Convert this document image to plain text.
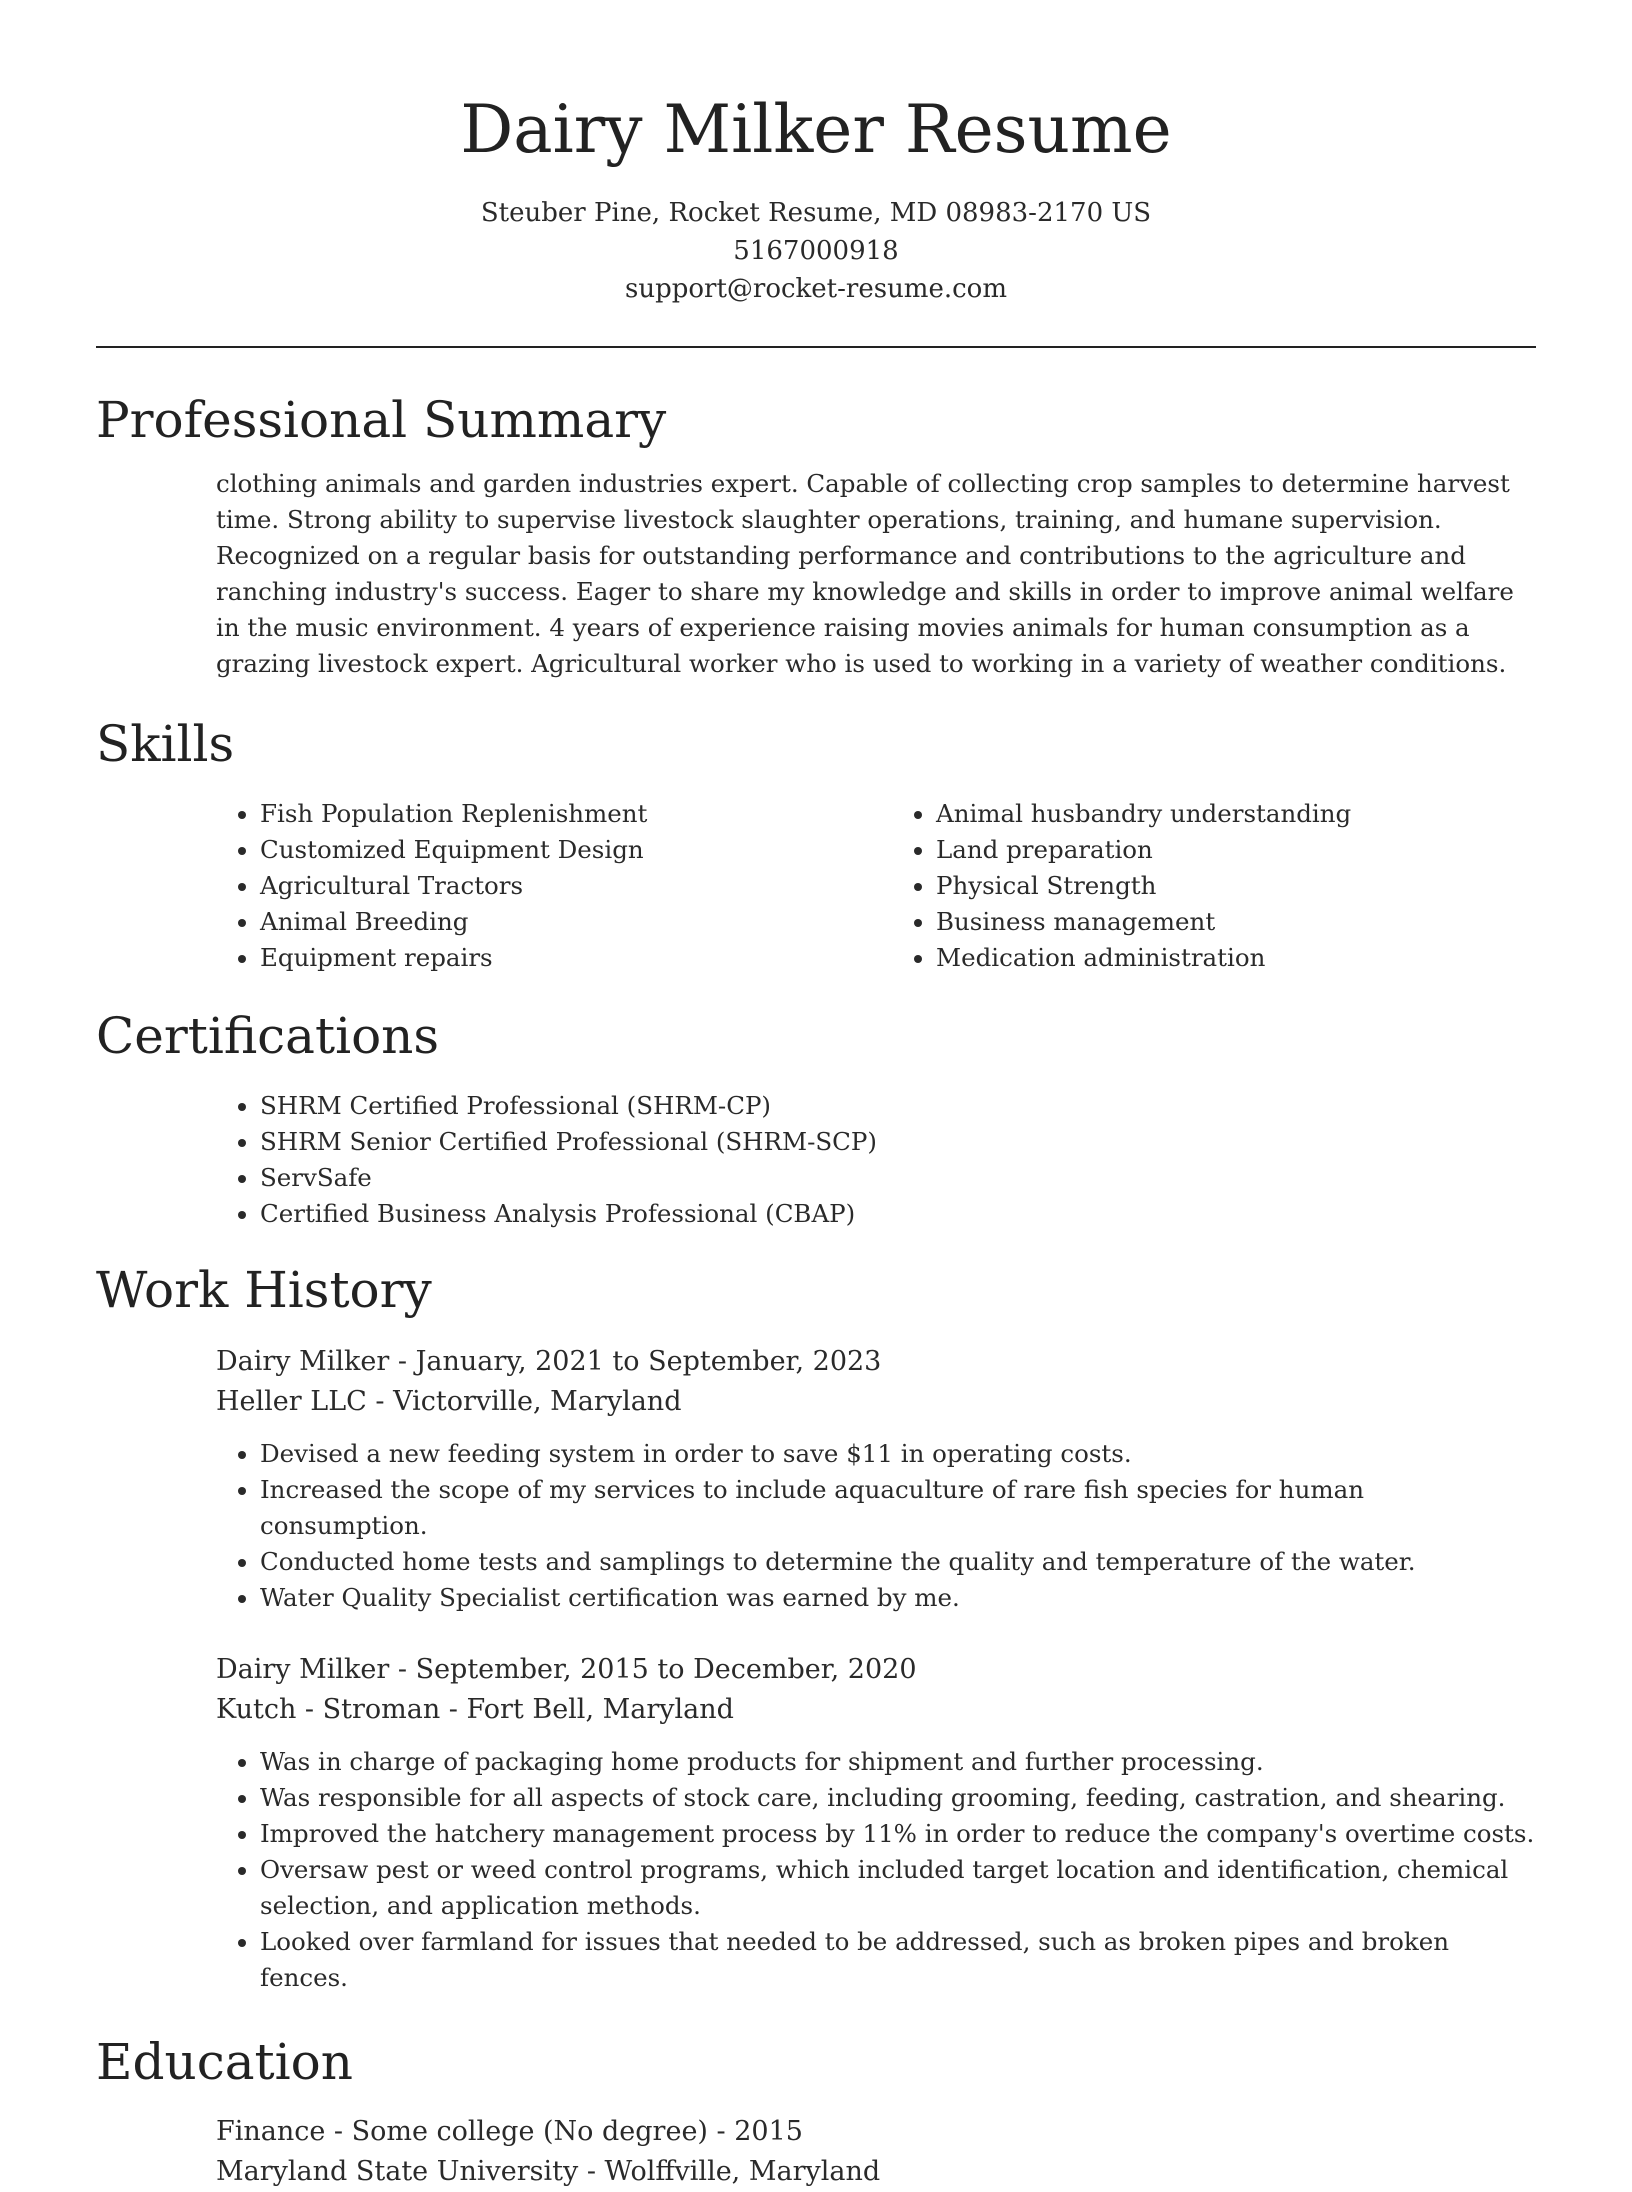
Dairy Milker Resume
Steuber Pine, Rocket Resume, MD 08983-2170 US
5167000918
support@rocket-resume.com
Professional Summary
clothing animals and garden industries expert. Capable of collecting crop samples to determine harvest time. Strong ability to supervise livestock slaughter operations, training, and humane supervision. Recognized on a regular basis for outstanding performance and contributions to the agriculture and ranching industry's success. Eager to share my knowledge and skills in order to improve animal welfare in the music environment. 4 years of experience raising movies animals for human consumption as a grazing livestock expert. Agricultural worker who is used to working in a variety of weather conditions.
Skills
• Fish Population Replenishment
• Customized Equipment Design
• Agricultural Tractors
• Animal Breeding
• Equipment repairs
• Animal husbandry understanding
• Land preparation
• Physical Strength
• Business management
• Medication administration
Certifications
• SHRM Certified Professional (SHRM-CP)
• SHRM Senior Certified Professional (SHRM-SCP)
• ServSafe
• Certified Business Analysis Professional (CBAP)
Work History
Dairy Milker - January, 2021 to September, 2023
Heller LLC - Victorville, Maryland
• Devised a new feeding system in order to save $11 in operating costs.
• Increased the scope of my services to include aquaculture of rare fish species for human consumption.
• Conducted home tests and samplings to determine the quality and temperature of the water.
• Water Quality Specialist certification was earned by me.
Dairy Milker - September, 2015 to December, 2020
Kutch - Stroman - Fort Bell, Maryland
• Was in charge of packaging home products for shipment and further processing.
• Was responsible for all aspects of stock care, including grooming, feeding, castration, and shearing.
• Improved the hatchery management process by 11% in order to reduce the company's overtime costs.
• Oversaw pest or weed control programs, which included target location and identification, chemical selection, and application methods.
• Looked over farmland for issues that needed to be addressed, such as broken pipes and broken fences.
Education
Finance - Some college (No degree) - 2015
Maryland State University - Wolffville, Maryland
